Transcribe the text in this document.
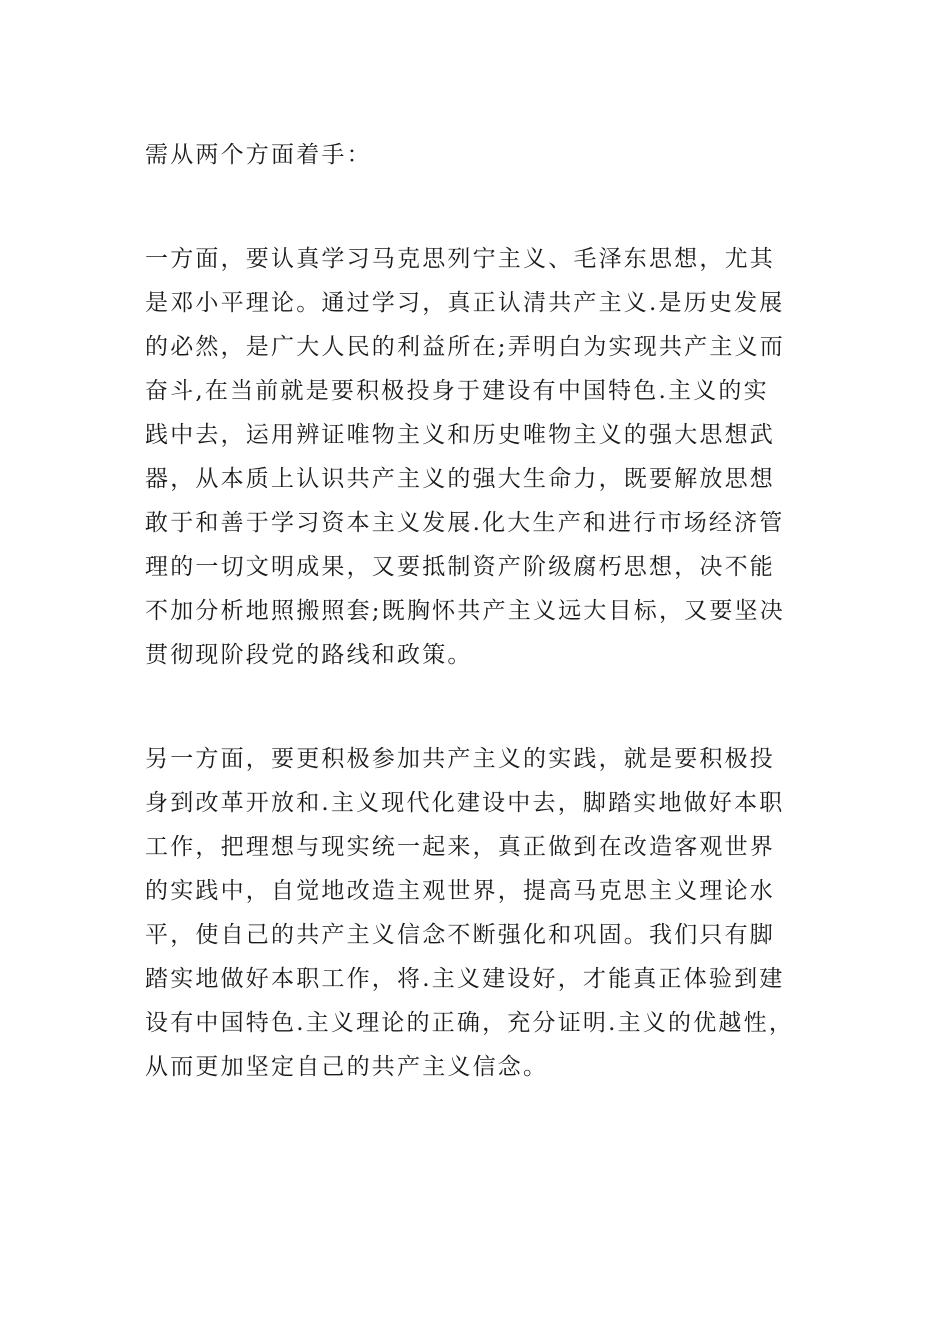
需从两个方面着手：

一方面，要认真学习马克思列宁主义、毛泽东思想，尤其
是邓小平理论。通过学习，真正认清共产主义.是历史发展
的必然，是广大人民的利益所在;弄明白为实现共产主义而
奋斗,在当前就是要积极投身于建设有中国特色.主义的实
践中去，运用辨证唯物主义和历史唯物主义的强大思想武
器，从本质上认识共产主义的强大生命力，既要解放思想
敢于和善于学习资本主义发展.化大生产和进行市场经济管
理的一切文明成果，又要抵制资产阶级腐朽思想，决不能
不加分析地照搬照套;既胸怀共产主义远大目标，又要坚决
贯彻现阶段党的路线和政策。

另一方面，要更积极参加共产主义的实践，就是要积极投
身到改革开放和.主义现代化建设中去，脚踏实地做好本职
工作，把理想与现实统一起来，真正做到在改造客观世界
的实践中，自觉地改造主观世界，提高马克思主义理论水
平，使自己的共产主义信念不断强化和巩固。我们只有脚
踏实地做好本职工作，将.主义建设好，才能真正体验到建
设有中国特色.主义理论的正确，充分证明.主义的优越性，
从而更加坚定自己的共产主义信念。
